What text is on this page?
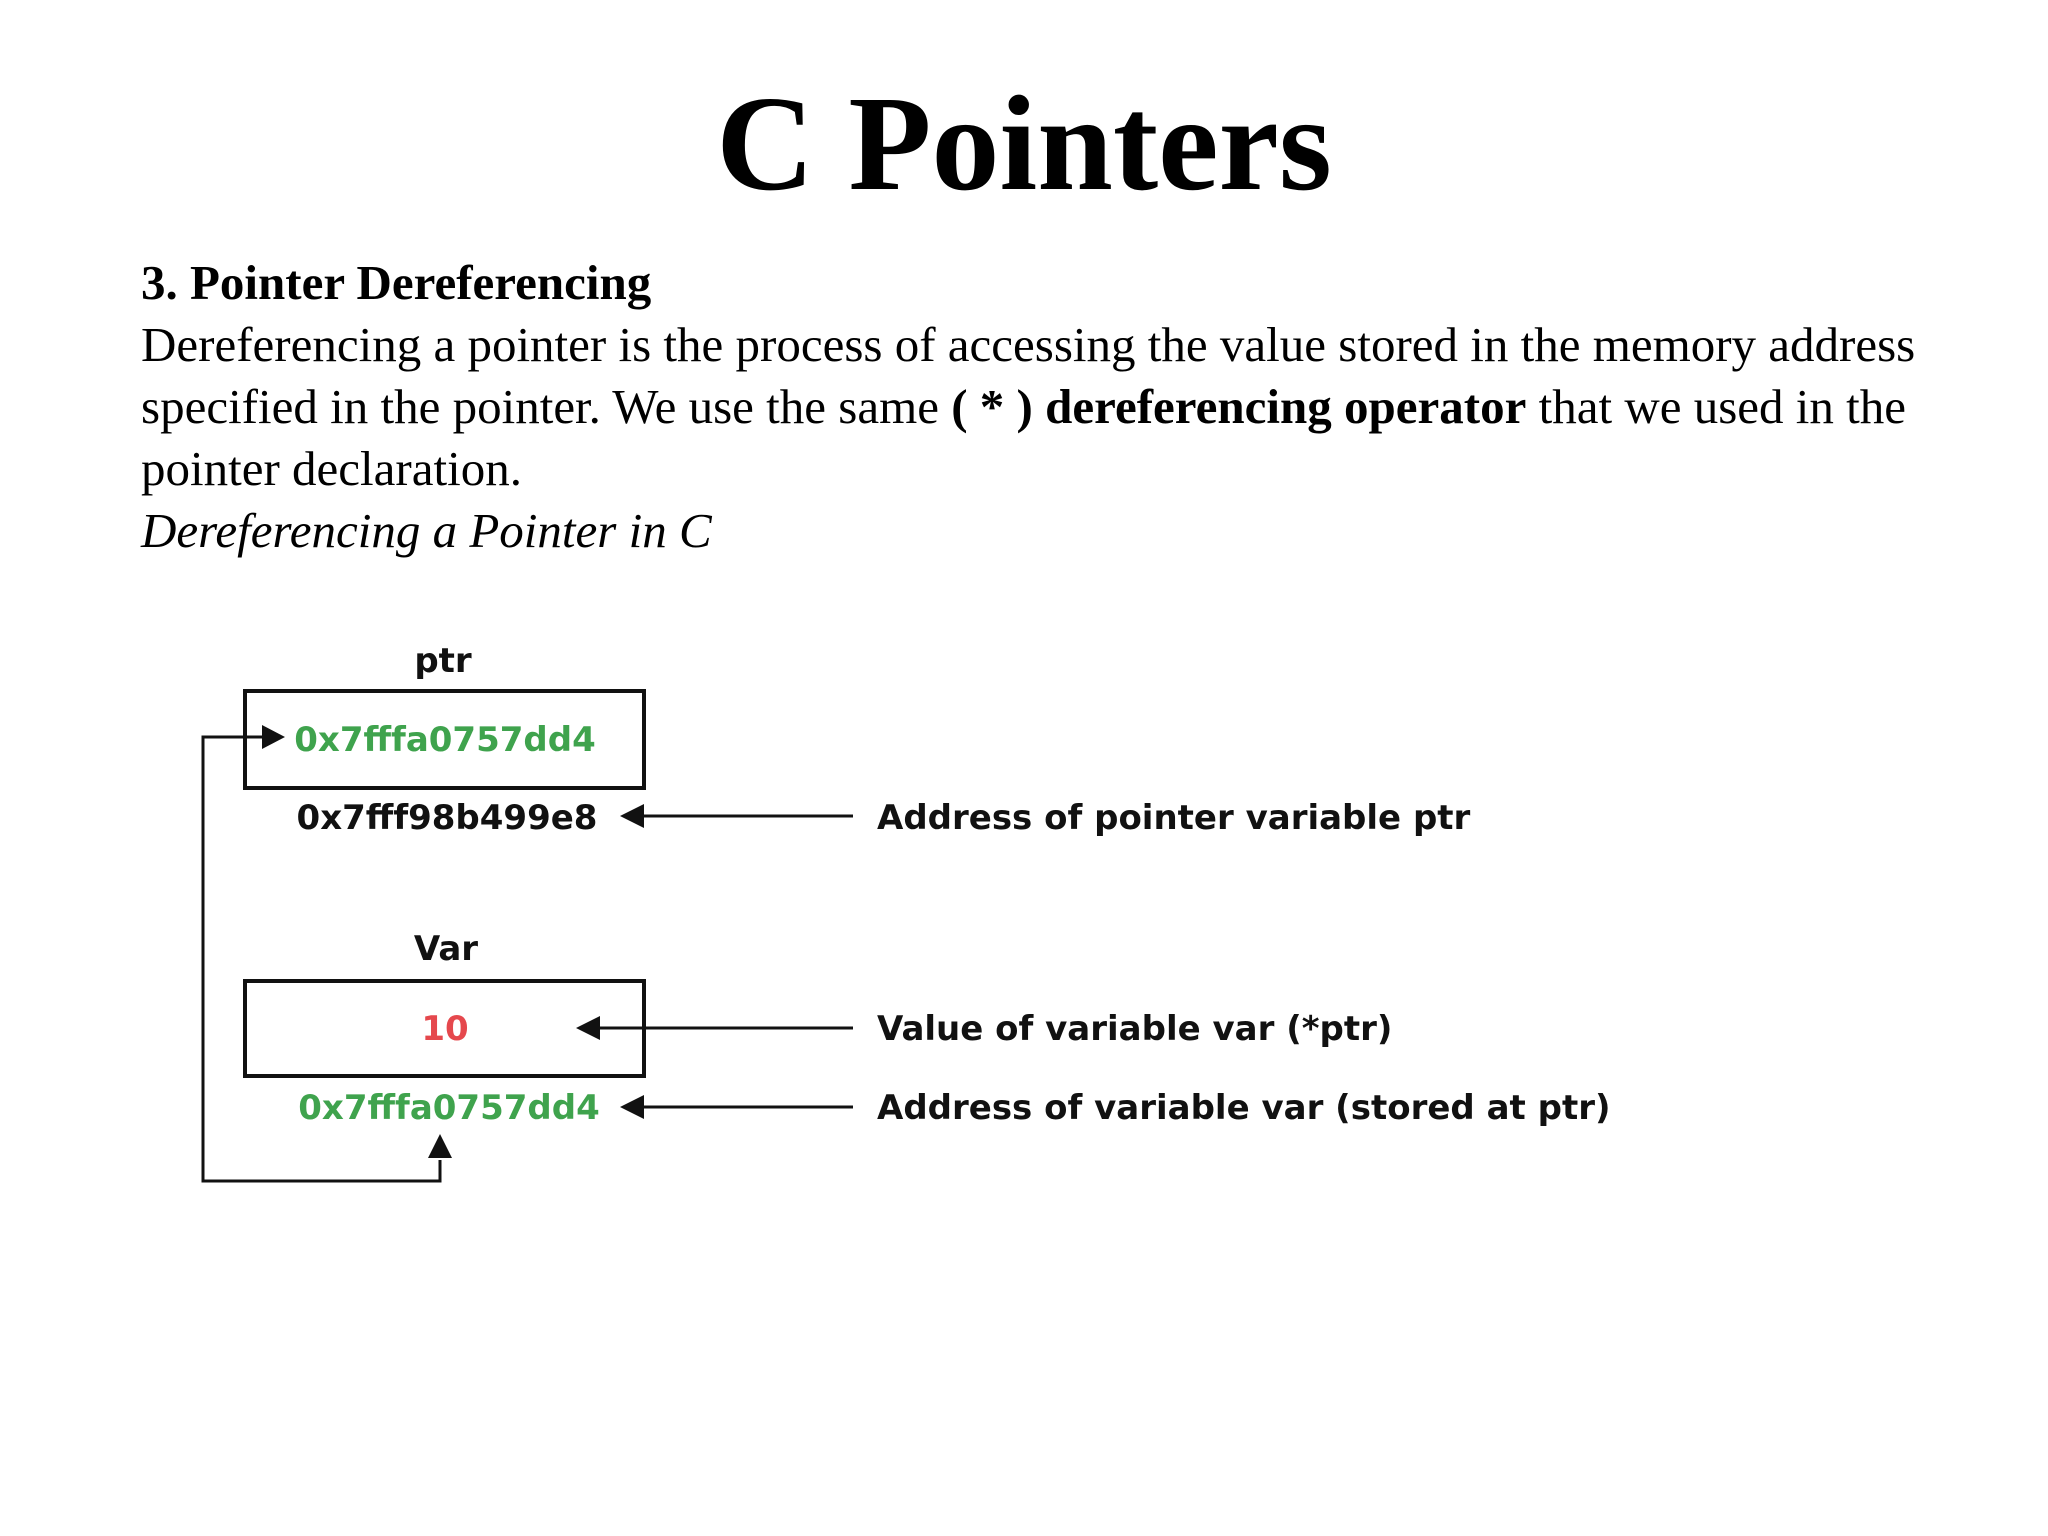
C Pointers
3. Pointer Dereferencing
Dereferencing a pointer is the process of accessing the value stored in the memory address specified in the pointer. We use the same ( * ) dereferencing operator that we used in the pointer declaration.
Dereferencing a Pointer in C
ptr
0x7fffa0757dd4
0x7fff98b499e8	Address of pointer variable ptr
Var
10	Value of variable var (*ptr)
0x7fffa0757dd4	Address of variable var (stored at ptr)
